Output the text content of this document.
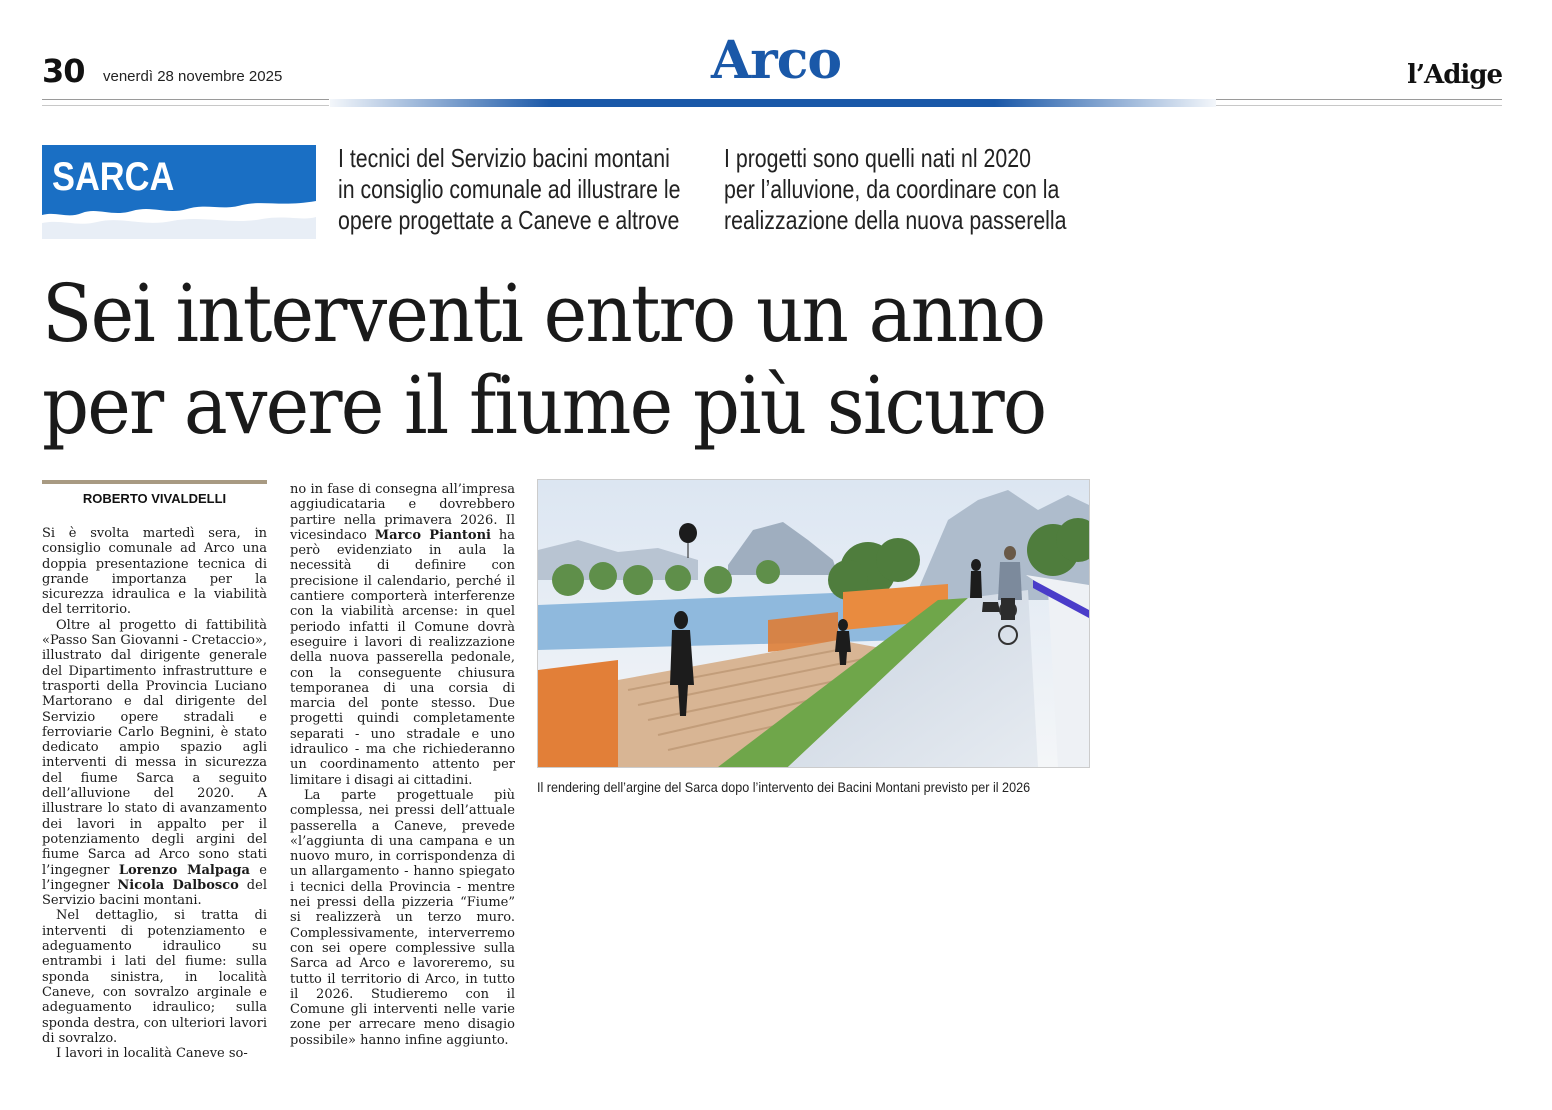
30 venerdì 28 novembre 2025	Arco	l’Adige
SARCA	I tecnici del Servizio bacini montani
in consiglio comunale ad illustrare le
opere progettate a Caneve e altrove
I progetti sono quelli nati nl 2020
per l’alluvione, da coordinare con la
realizzazione della nuova passerella
Sei interventi entro un anno
per avere il fiume più sicuro
ROBERTO VIVALDELLI

Si è svolta martedì sera, in consiglio comunale ad Arco una doppia presentazione tecnica di grande importanza per la sicurezza idraulica e la viabilità del territorio.

Oltre al progetto di fattibilità «Passo San Giovanni - Cretaccio», illustrato dal dirigente generale del Dipartimento infrastrutture e trasporti della Provincia Luciano Martorano e dal dirigente del Servizio opere stradali e ferroviarie Carlo Begnini, è stato dedicato ampio spazio agli interventi di messa in sicurezza del fiume Sarca a seguito dell’alluvione del 2020. A illustrare lo stato di avanzamento dei lavori in appalto per il potenziamento degli argini del fiume Sarca ad Arco sono stati l’ingegner Lorenzo Malpaga e l’ingegner Nicola Dalbosco del Servizio bacini montani.

Nel dettaglio, si tratta di interventi di potenziamento e adeguamento idraulico su entrambi i lati del fiume: sulla sponda sinistra, in località Caneve, con sovralzo arginale e adeguamento idraulico; sulla sponda destra, con ulteriori lavori di sovralzo.

I lavori in località Caneve so-

no in fase di consegna all’impresa aggiudicataria e dovrebbero partire nella primavera 2026. Il vicesindaco Marco Piantoni ha però evidenziato in aula la necessità di definire con precisione il calendario, perché il cantiere comporterà interferenze con la viabilità arcense: in quel periodo infatti il Comune dovrà eseguire i lavori di realizzazione della nuova passerella pedonale, con la conseguente chiusura temporanea di una corsia di marcia del ponte stesso. Due progetti quindi completamente separati - uno stradale e uno idraulico - ma che richiederanno un coordinamento attento per limitare i disagi ai cittadini.

La parte progettuale più complessa, nei pressi dell’attuale passerella a Caneve, prevede «l’aggiunta di una campana e un nuovo muro, in corrispondenza di un allargamento - hanno spiegato i tecnici della Provincia - mentre nei pressi della pizzeria “Fiume” si realizzerà un terzo muro. Complessivamente, interverremo con sei opere complessive sulla Sarca ad Arco e lavoreremo, su tutto il territorio di Arco, in tutto il 2026. Studieremo con il Comune gli interventi nelle varie zone per arrecare meno disagio possibile» hanno infine aggiunto.

Il rendering dell’argine del Sarca dopo l’intervento dei Bacini Montani previsto per il 2026
